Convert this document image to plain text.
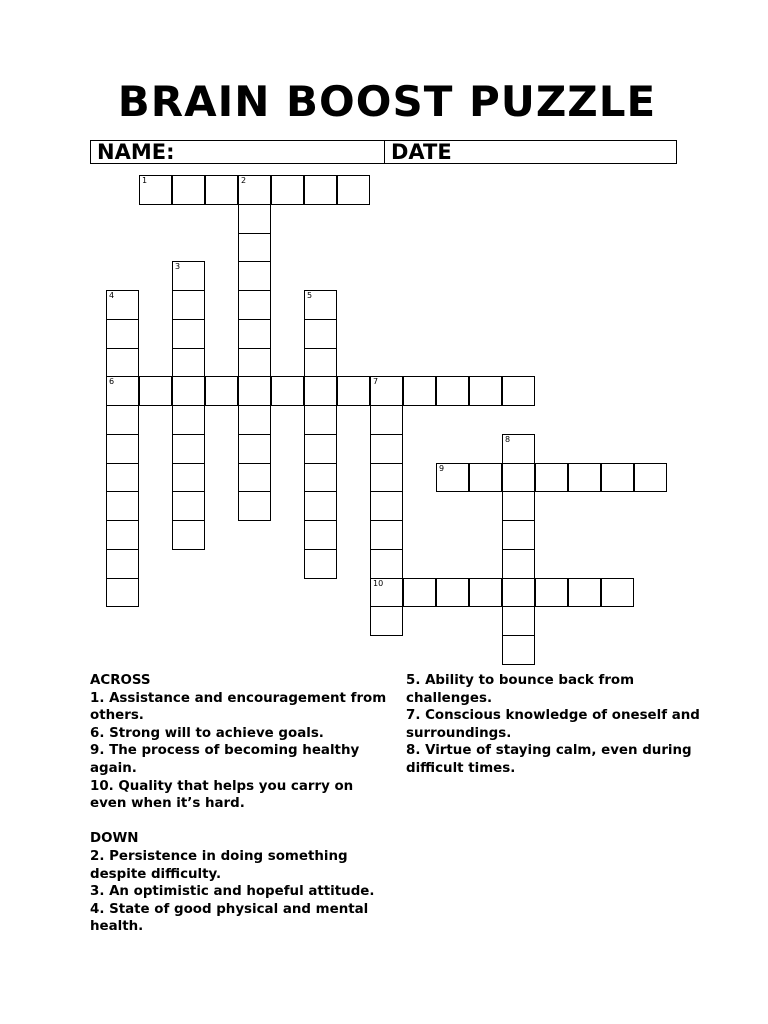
BRAIN BOOST PUZZLE
NAME:	DATE
1	2
3
4
6
5
7
10
8
9

ACROSS

1. Assistance and encouragement from others.

6. Strong will to achieve goals.

9. The process of becoming healthy again.

10. Quality that helps you carry on even when it’s hard.

DOWN

2. Persistence in doing something despite difficulty.

3. An optimistic and hopeful attitude.

4. State of good physical and mental health.

5. Ability to bounce back from challenges.

7. Conscious knowledge of oneself and surroundings.

8. Virtue of staying calm, even during difficult times.
